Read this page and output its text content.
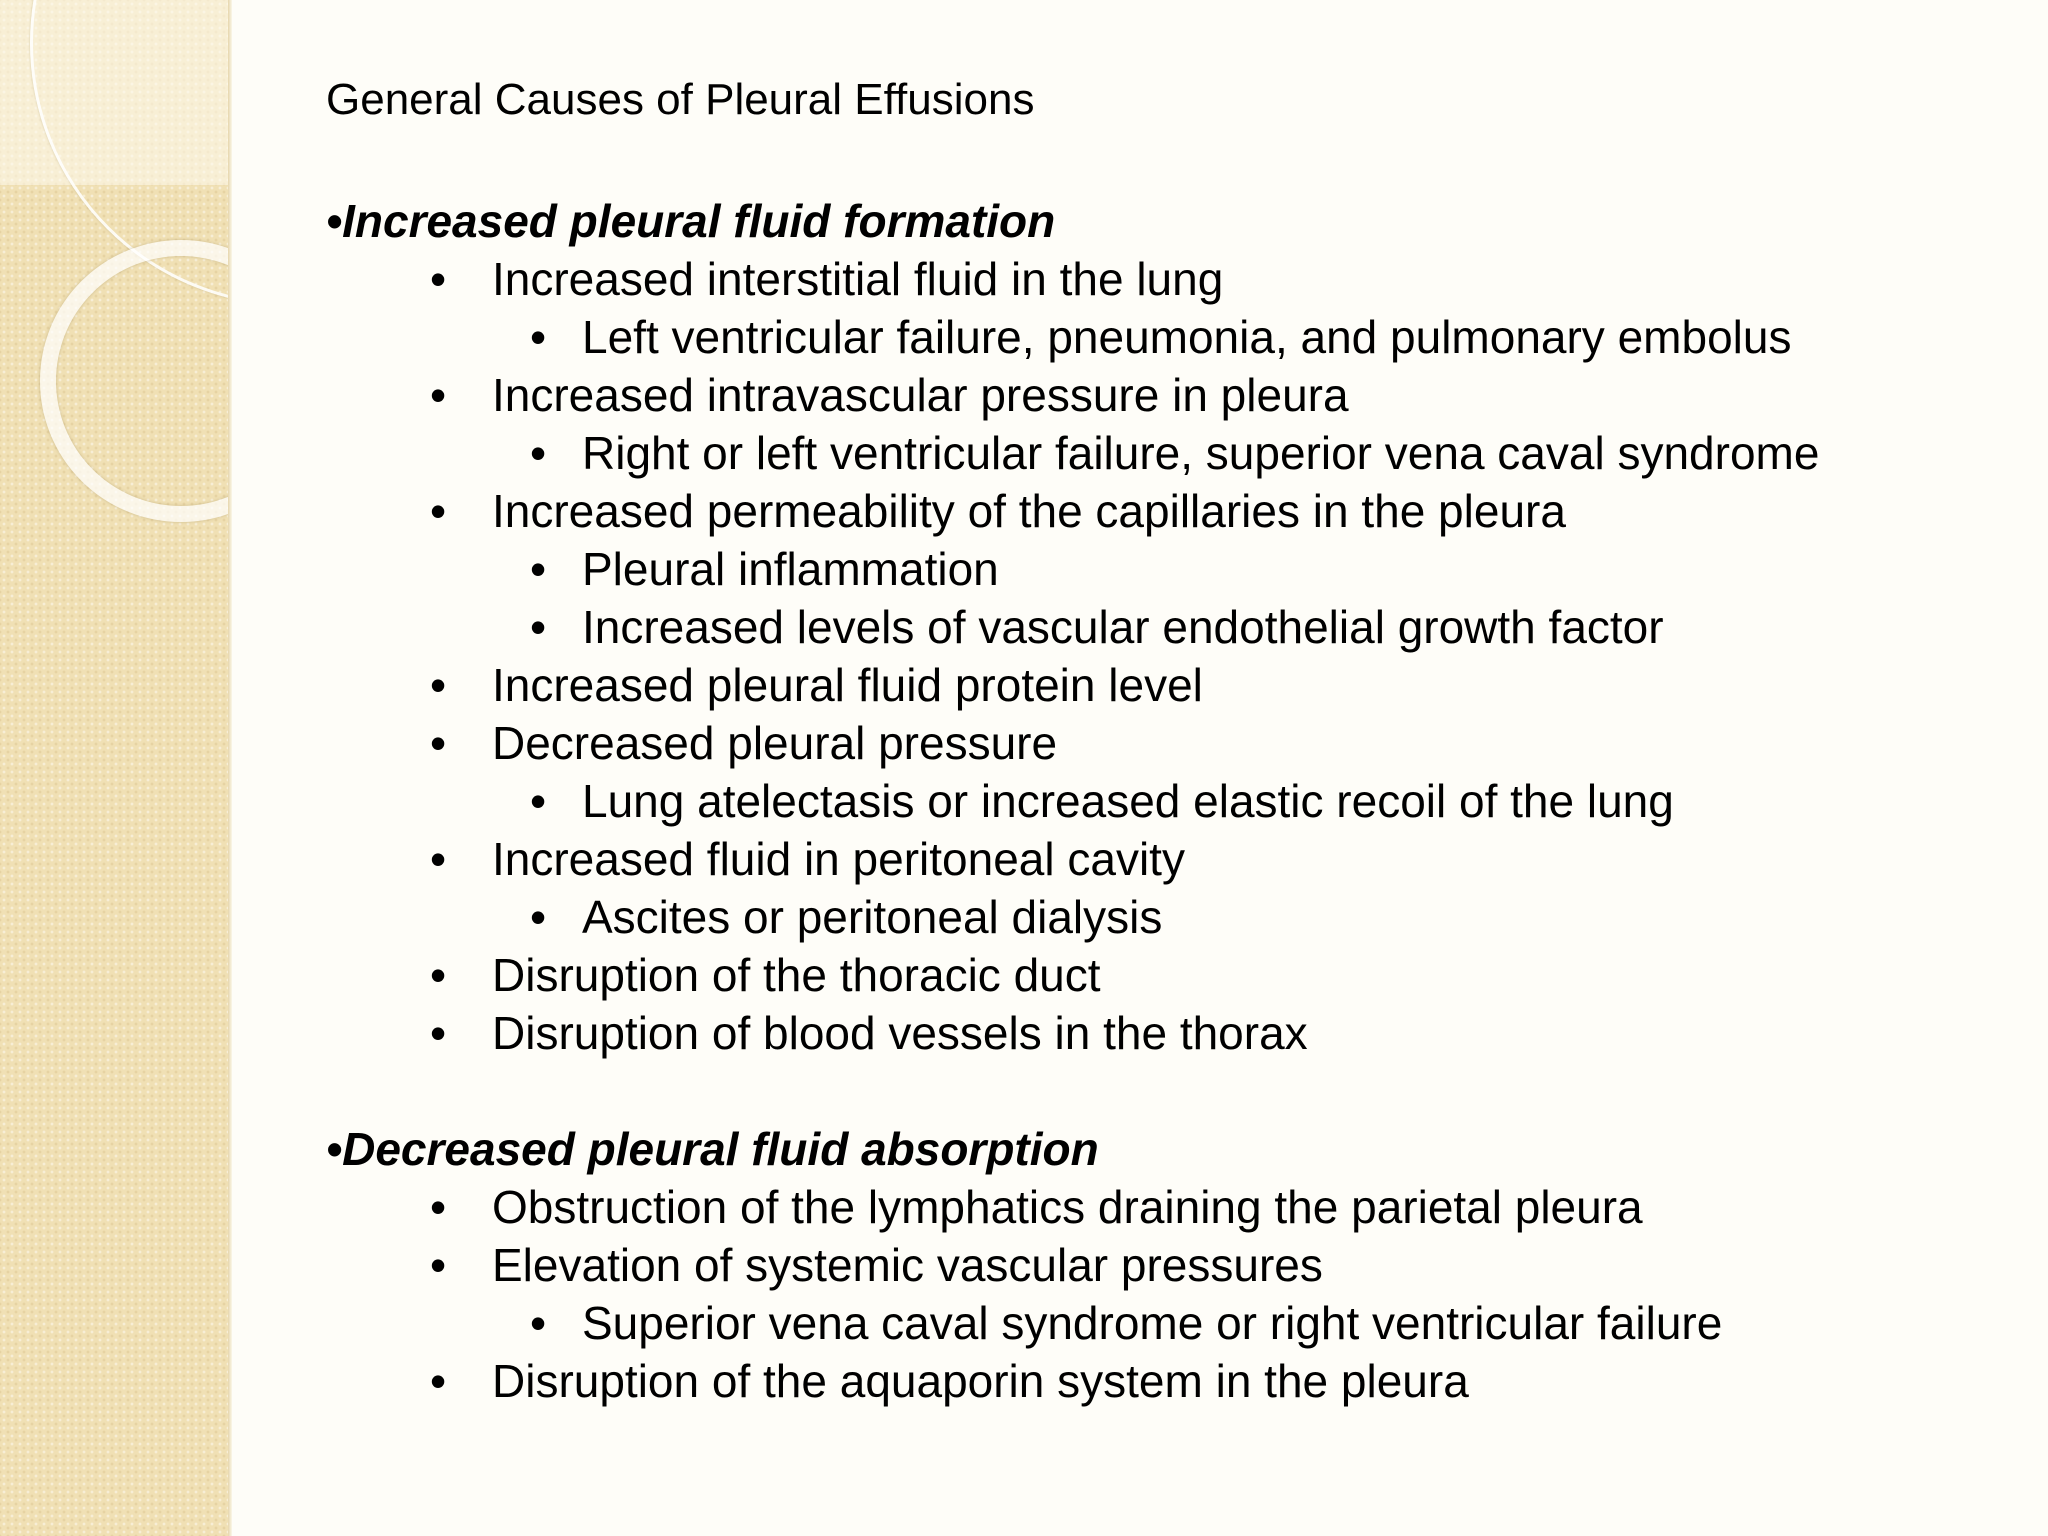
General Causes of Pleural Effusions
•Increased pleural fluid formation
• Increased interstitial fluid in the lung
• Left ventricular failure, pneumonia, and pulmonary embolus
• Increased intravascular pressure in pleura
• Right or left ventricular failure, superior vena caval syndrome
• Increased permeability of the capillaries in the pleura
• Pleural inflammation
• Increased levels of vascular endothelial growth factor
• Increased pleural fluid protein level
• Decreased pleural pressure
• Lung atelectasis or increased elastic recoil of the lung
• Increased fluid in peritoneal cavity
• Ascites or peritoneal dialysis
• Disruption of the thoracic duct
• Disruption of blood vessels in the thorax
•Decreased pleural fluid absorption
• Obstruction of the lymphatics draining the parietal pleura
• Elevation of systemic vascular pressures
• Superior vena caval syndrome or right ventricular failure
• Disruption of the aquaporin system in the pleura
